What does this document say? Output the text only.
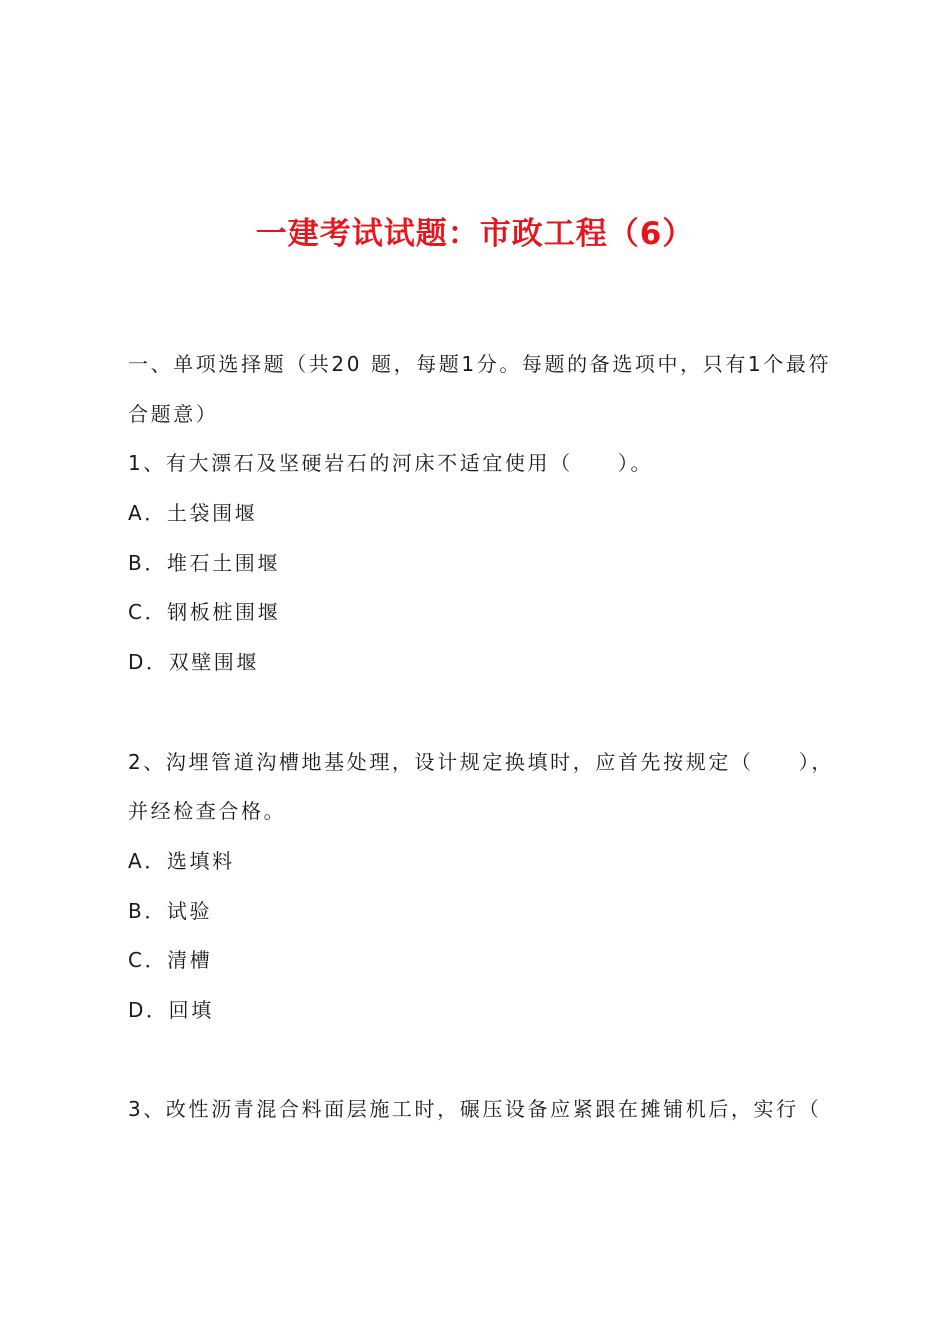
一建考试试题：市政工程（6）
一、单项选择题（共20 题，每题1分。每题的备选项中，只有1个最符
合题意）
1、有大漂石及坚硬岩石的河床不适宜使用（　　）。
A．土袋围堰
B．堆石土围堰
C．钢板桩围堰
D．双壁围堰
2、沟埋管道沟槽地基处理，设计规定换填时，应首先按规定（　　），
并经检查合格。
A．选填料
B．试验
C．清槽
D．回填
3、改性沥青混合料面层施工时，碾压设备应紧跟在摊铺机后，实行（
